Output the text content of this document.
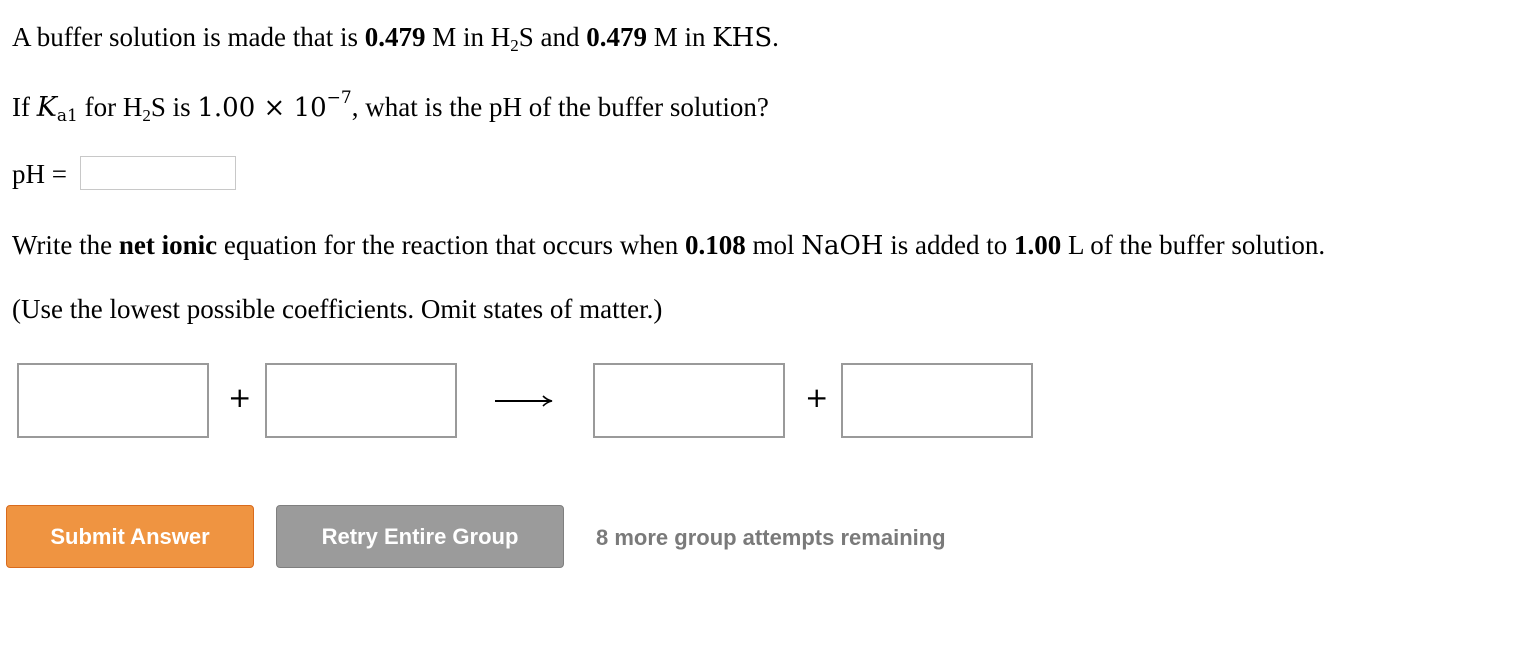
A buffer solution is made that is 0.479 M in $H_2S$ and 0.479 M in KHS.
If $K_{a1}$ for $H_2S$ is $1.00 \times 10^{-7}$, what is the pH of the buffer solution?
pH =
Write the net ionic equation for the reaction that occurs when 0.108 mol NaOH is added to 1.00 L of the buffer solution.
(Use the lowest possible coefficients. Omit states of matter.)
+	+
Submit Answer	Retry Entire Group	8 more group attempts remaining
